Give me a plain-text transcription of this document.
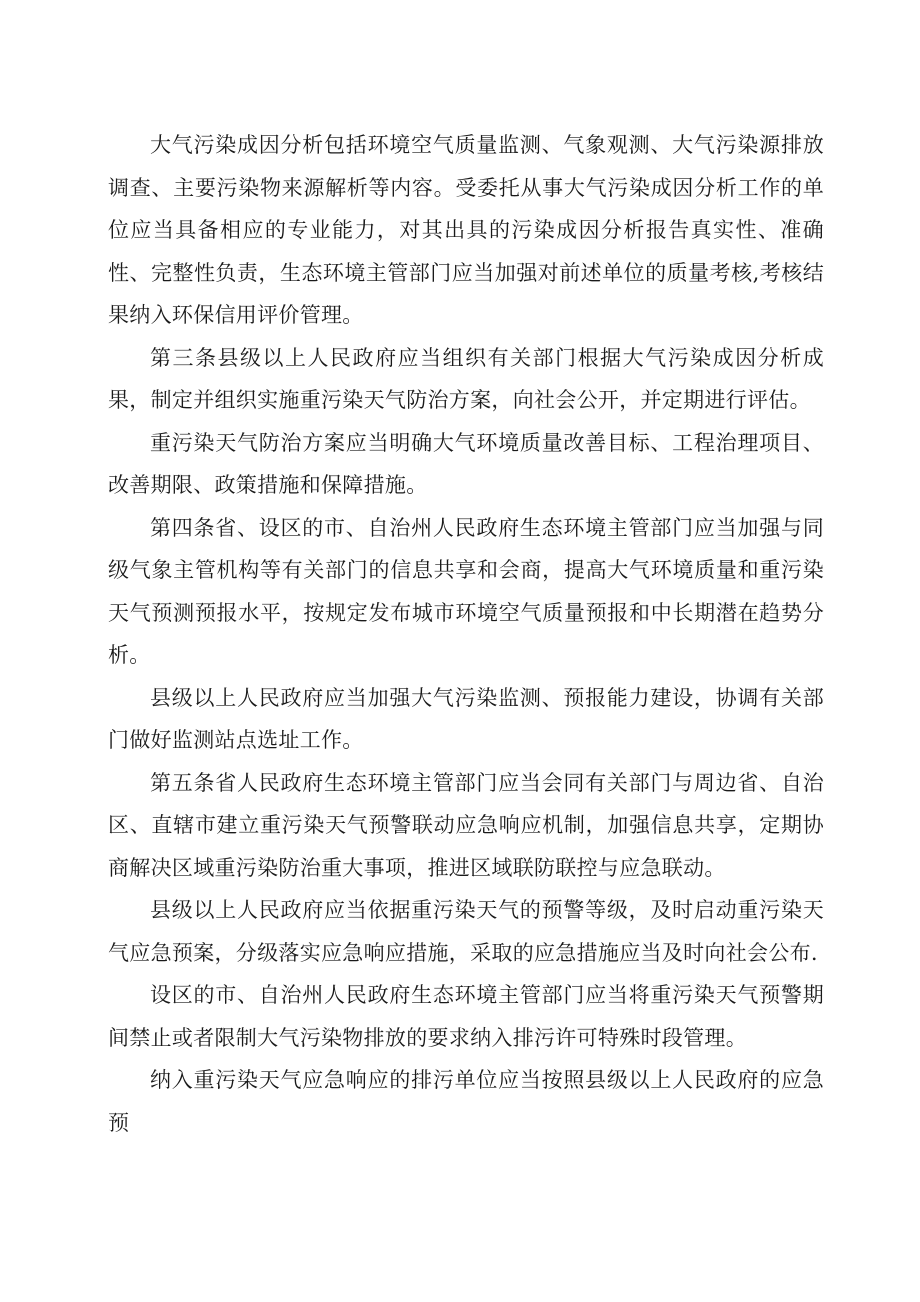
大气污染成因分析包括环境空气质量监测、气象观测、大气污染源排放调查、主要污染物来源解析等内容。受委托从事大气污染成因分析工作的单位应当具备相应的专业能力，对其出具的污染成因分析报告真实性、准确性、完整性负责，生态环境主管部门应当加强对前述单位的质量考核,考核结果纳入环保信用评价管理。

第三条县级以上人民政府应当组织有关部门根据大气污染成因分析成果，制定并组织实施重污染天气防治方案，向社会公开，并定期进行评估。

重污染天气防治方案应当明确大气环境质量改善目标、工程治理项目、改善期限、政策措施和保障措施。

第四条省、设区的市、自治州人民政府生态环境主管部门应当加强与同级气象主管机构等有关部门的信息共享和会商，提高大气环境质量和重污染天气预测预报水平，按规定发布城市环境空气质量预报和中长期潜在趋势分析。

县级以上人民政府应当加强大气污染监测、预报能力建设，协调有关部门做好监测站点选址工作。

第五条省人民政府生态环境主管部门应当会同有关部门与周边省、自治区、直辖市建立重污染天气预警联动应急响应机制，加强信息共享，定期协商解决区域重污染防治重大事项，推进区域联防联控与应急联动。

县级以上人民政府应当依据重污染天气的预警等级，及时启动重污染天气应急预案，分级落实应急响应措施，采取的应急措施应当及时向社会公布.

设区的市、自治州人民政府生态环境主管部门应当将重污染天气预警期间禁止或者限制大气污染物排放的要求纳入排污许可特殊时段管理。

纳入重污染天气应急响应的排污单位应当按照县级以上人民政府的应急预
